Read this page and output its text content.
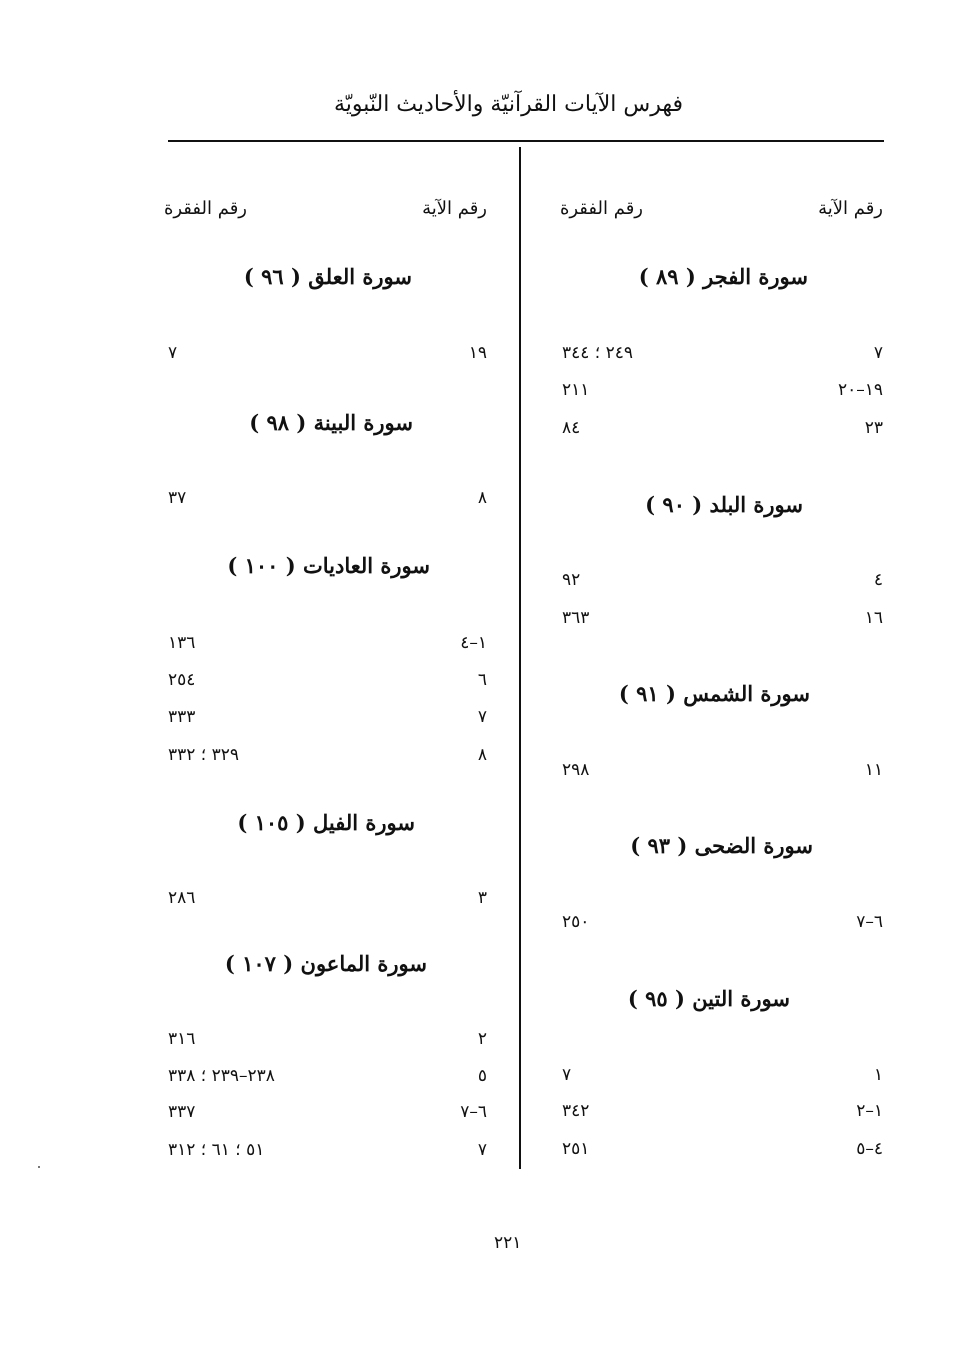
فهرس الآيات القرآنيّة والأحاديث النّبويّة
رقم الآية
رقم الفقرة
سورة الفجر ( ٨٩ )
٧
٢٤٩ ؛ ٣٤٤
١٩–٢٠
٢١١
٢٣
٨٤
سورة البلد ( ٩٠ )
٤
٩٢
١٦
٣٦٣
سورة الشمس ( ٩١ )
١١
٢٩٨
سورة الضحى ( ٩٣ )
٦–٧
٢٥٠
سورة التين ( ٩٥ )
١
٧
١–٢
٣٤٢
٤–٥
٢٥١
رقم الآية
رقم الفقرة
سورة العلق ( ٩٦ )
١٩
٧
سورة البينة ( ٩٨ )
٨
٣٧
سورة العاديات ( ١٠٠ )
١–٤
١٣٦
٦
٢٥٤
٧
٣٣٣
٨
٣٢٩ ؛ ٣٣٢
سورة الفيل ( ١٠٥ )
٣
٢٨٦
سورة الماعون ( ١٠٧ )
٢
٣١٦
٥
٢٣٨–٢٣٩ ؛ ٣٣٨
٦–٧
٣٣٧
٧
٥١ ؛ ٦١ ؛ ٣١٢
٢٢١
